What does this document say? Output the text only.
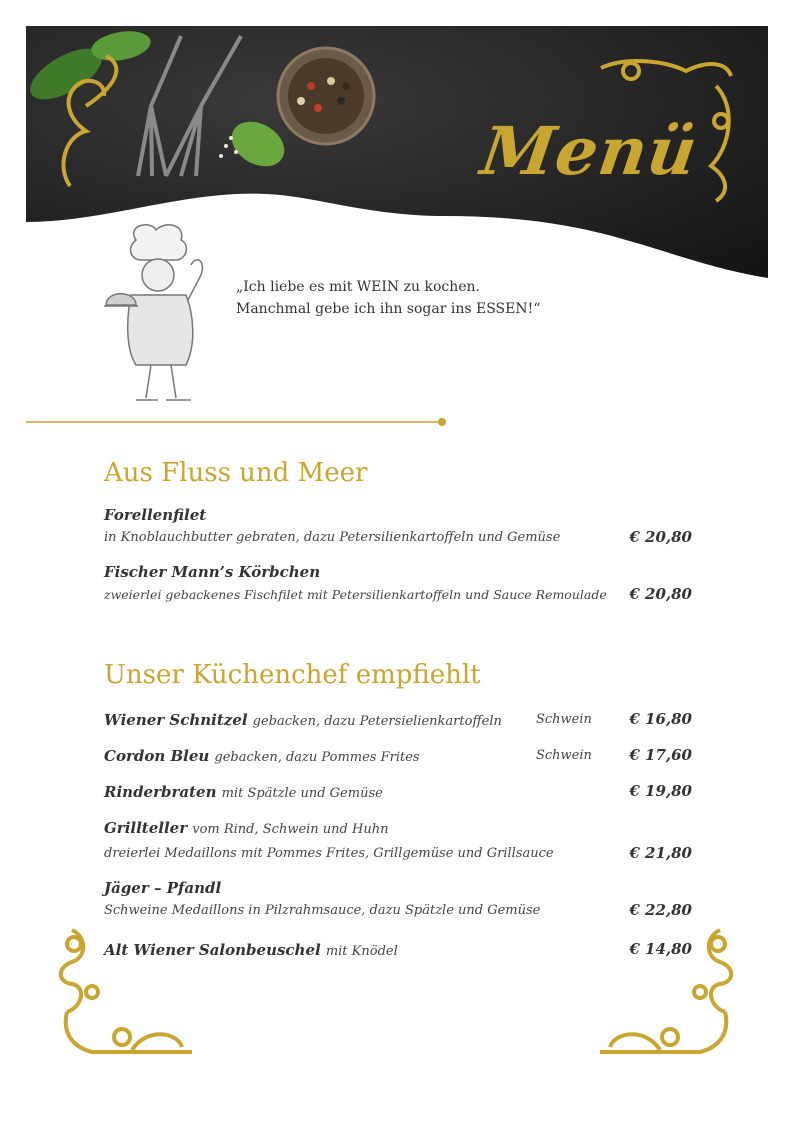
Menü
„Ich liebe es mit WEIN zu kochen.
Manchmal gebe ich ihn sogar ins ESSEN!“
Aus Fluss und Meer
Forellenfilet
in Knoblauchbutter gebraten, dazu Petersilienkartoffeln und Gemüse	€ 20,80
Fischer Mann’s Körbchen
zweierlei gebackenes Fischfilet mit Petersilienkartoffeln und Sauce Remoulade € 20,80
Unser Küchenchef empfiehlt
Wiener Schnitzel gebacken, dazu Petersielienkartoffeln	Schwein € 16,80
Cordon Bleu gebacken, dazu Pommes Frites	Schwein € 17,60
Rinderbraten mit Spätzle und Gemüse	€ 19,80
Grillteller vom Rind, Schwein und Huhn
dreierlei Medaillons mit Pommes Frites, Grillgemüse und Grillsauce	€ 21,80
Jäger – Pfandl
Schweine Medaillons in Pilzrahmsauce, dazu Spätzle und Gemüse	€ 22,80
Alt Wiener Salonbeuschel mit Knödel	€ 14,80
